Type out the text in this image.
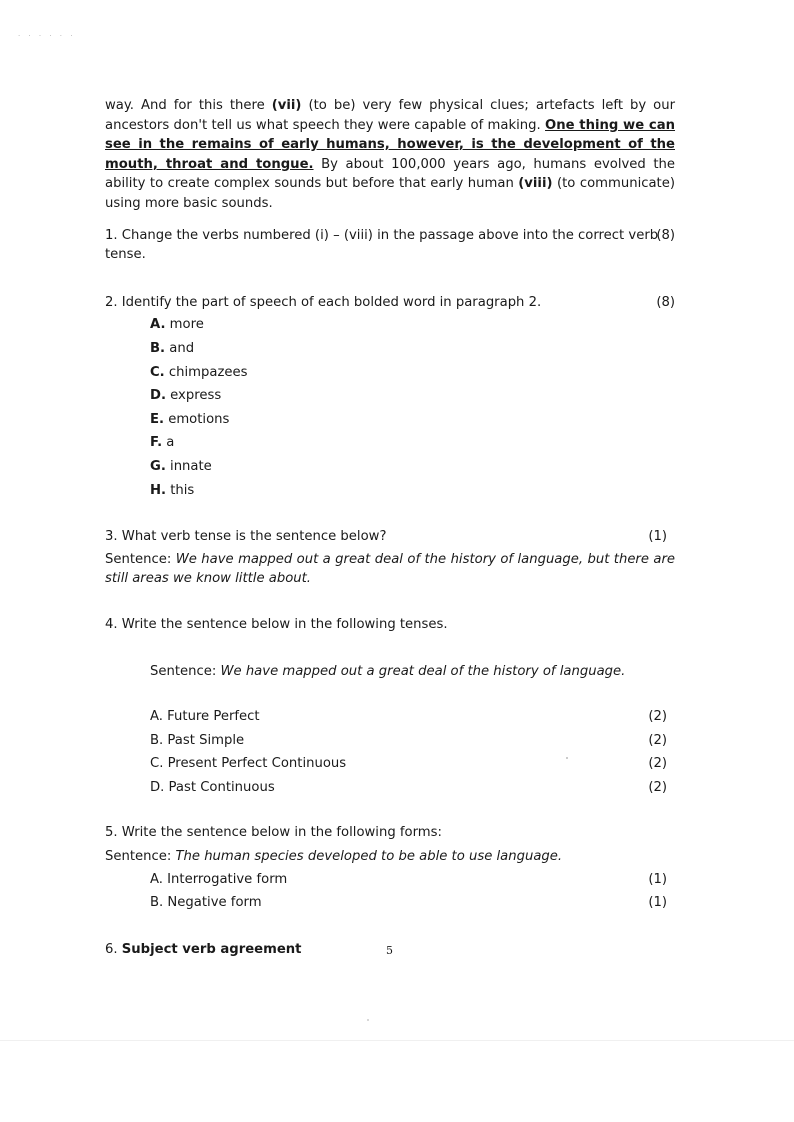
· · · · · ·

way. And for this there (vii) (to be) very few physical clues; artefacts left by our ancestors don't tell us what speech they were capable of making. One thing we can see in the remains of early humans, however, is the development of the mouth, throat and tongue. By about 100,000 years ago, humans evolved the ability to create complex sounds but before that early human (viii) (to communicate) using more basic sounds.

1. Change the verbs numbered (i) – (viii) in the passage above into the correct verb tense.
(8)
2. Identify the part of speech of each bolded word in paragraph 2.	(8)
A. more
B. and
C. chimpazees
D. express
E. emotions
F. a
G. innate
H. this
3. What verb tense is the sentence below?	(1)

Sentence: We have mapped out a great deal of the history of language, but there are still areas we know little about.

4. Write the sentence below in the following tenses.

Sentence: We have mapped out a great deal of the history of language.

A. Future Perfect	(2)
B. Past Simple	(2)
C. Present Perfect Continuous	(2)
D. Past Continuous	(2)
5. Write the sentence below in the following forms:

Sentence: The human species developed to be able to use language.

A. Interrogative form	(1)
B. Negative form	(1)
6. Subject verb agreement	5
